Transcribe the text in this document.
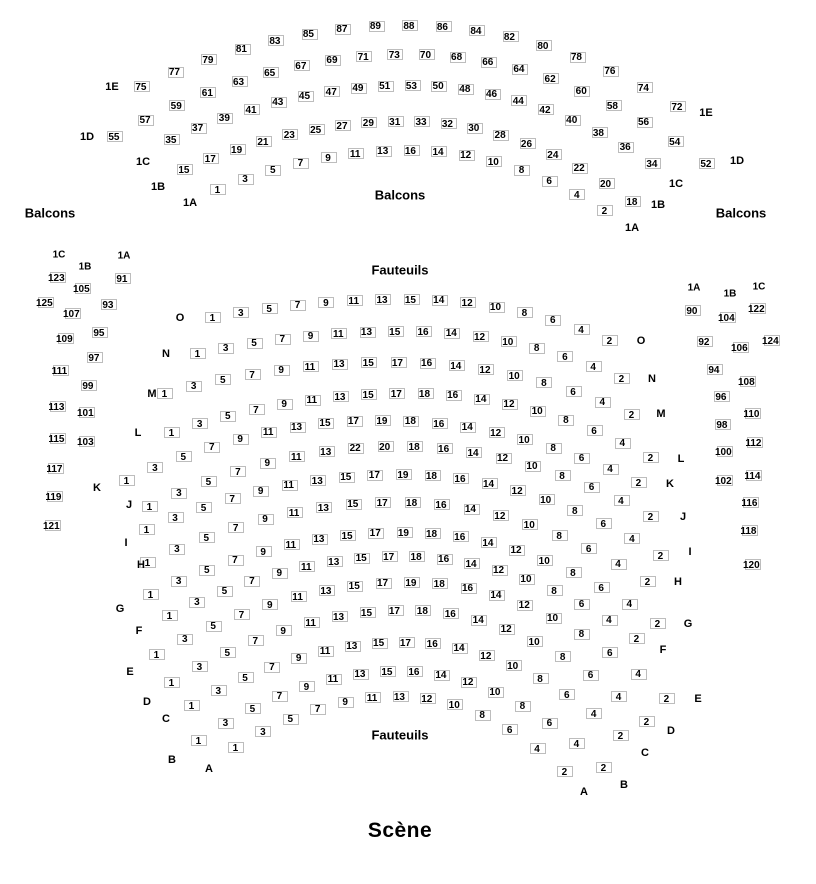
Balcons
Balcons
Balcons
Fauteuils
Fauteuils
Scène
1C
1B
1A
1A
1B
1C
1
3
5
7
9 11 13 16 14 12
10
8
6
4
2
1A
1A
15
17
19
21
23 25 27 29 31 33 32 30
28
26
24
22
20
18
1B
1B
35
37
39
41
43
45 47 49 51 53 50 48 46
44
42
40
38
36
34
1C
1C
55
57
59
61
63
65
67 69 71 73 70 68 66
64
62
60
58
56
54
52
1D
1D
75
77
79
81
83
85 87 89 88 86 84
82
80
78
76
74
72
1E
1E
1 3 5 7 9 11 13 15 14 12 10
8
6
4
2
O
O
1 3 5 7 9 11 13 15 16 14 12 10
8
6
4
2
N
N
1
3
5 7 9 11 13 15 17 16 14 12
10
8
6
4
2
M
M
1
3
5
7 9 11 13 15 17 18 16 14 12
10
8
6
4
2
L
L
1
3
5
7
9
11 13 15 17 19 18 16 14 12
10
8
6
4
2
K	K
1
3
5
7
9
11 13 22 20 18 16 14
12
10
8
6
4
2
J
J
1
3
5
7
9
11 13 15 17 19 18 16 14
12
10
8
6
4
2
I
I
1
3
5
7
9
11 13 15 17 18 16 14
12
10
8
6
4
2
H
H
1
3
5
7
9
11 13 15 17 19 18 16
14
12
10
8
6
4
2
G
G
1
3
5
7
9
11 13 15 17 18 16 14
12
10
8
6
4
2
F
F
1
3
5
7
9
11
13 15 17 19 18 16
14
12
10
8
6
4
2
E
E
1
3
5
7
9
11
13 15 17 18 16
14
12
10
8
6
4
2
D
D
1
3
5
7
9
11 13 15 17 16 14
12
10
8
6
4
2
C
C
1
3
5
7
9
11 13 15 16 14
12
10
8
6
4
2
B
B
1
3
5
7
9 11 13 12
10
8
6
4
2
A
A
91
93
95
97
99
101
103
105
107
109
111
113
115
117
119
121
123
125
90
92
94
96
98
100
102
104
106
108
110
112
114
116
118
120
122
124
